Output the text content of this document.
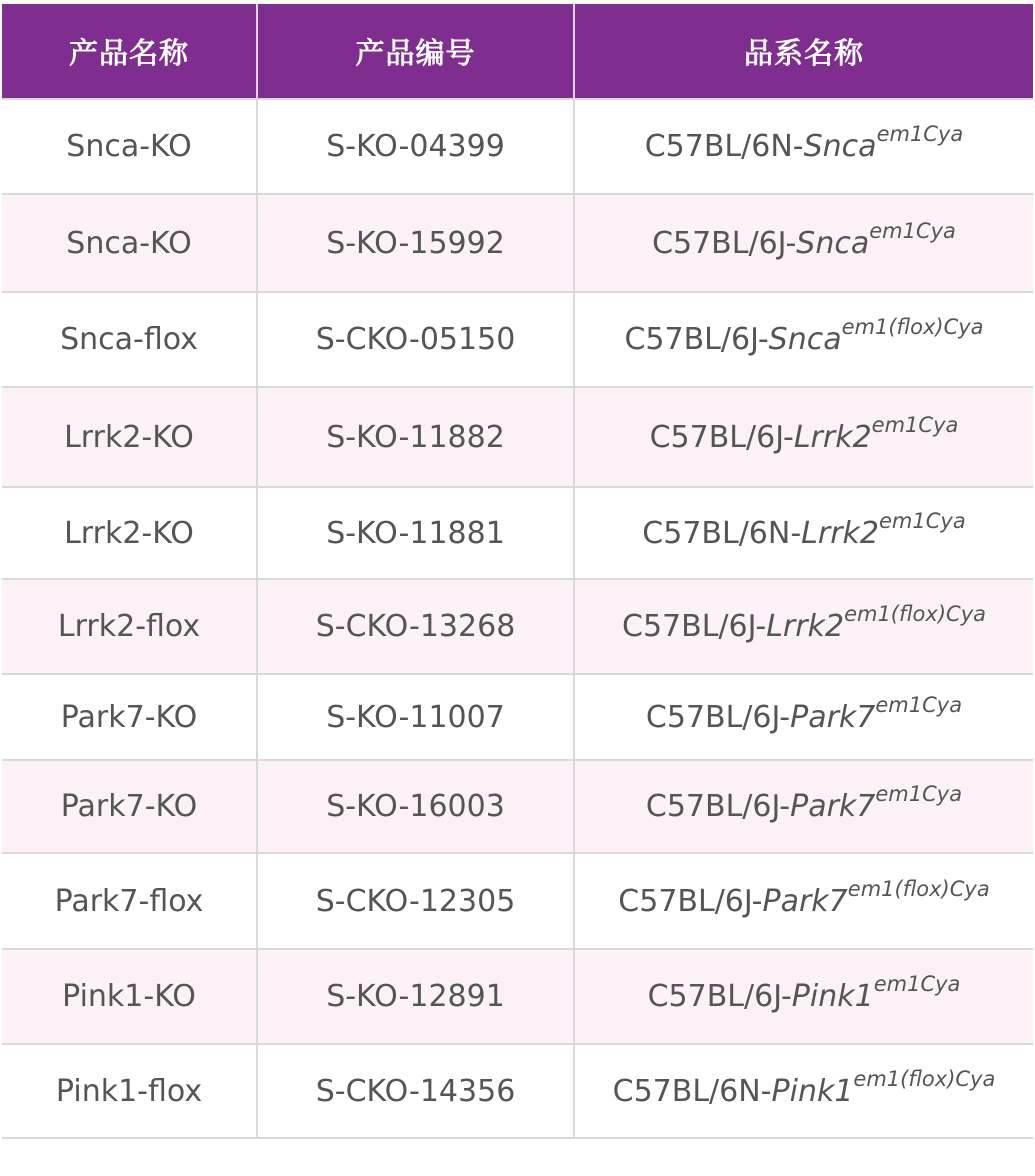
产品名称	产品编号	品系名称
Snca-KO	S-KO-04399	C57BL/6N-Snca$^{em1Cya}$
Snca-KO	S-KO-15992	C57BL/6J-Snca$^{em1Cya}$
Snca-flox	S-CKO-05150	C57BL/6J-Snca$^{em1(flox)Cya}$
Lrrk2-KO	S-KO-11882	$C57BL/6J-Lrrk2^{em1Cya}$
Lrrk2-KO	S-KO-11881	$C57BL/6N-Lrrk2^{em1Cya}$
Lrrk2-flox	S-CKO-13268	$C57BL/6J-Lrrk2^{em1(flox)Cya}$
Park7-KO	S-KO-11007	$C57BL/6J-Park7^{em1Cya}$
Park7-KO	S-KO-16003	$C57BL/6J-Park7^{em1Cya}$
Park7-flox	S-CKO-12305	$C57BL/6J-Park7^{em1(flox)Cya}$
Pink1-KO	S-KO-12891	$C57BL/6J-Pink1^{em1Cya}$
Pink1-flox	S-CKO-14356	$C57BL/6N-Pink1^{em1(flox)Cya}$
